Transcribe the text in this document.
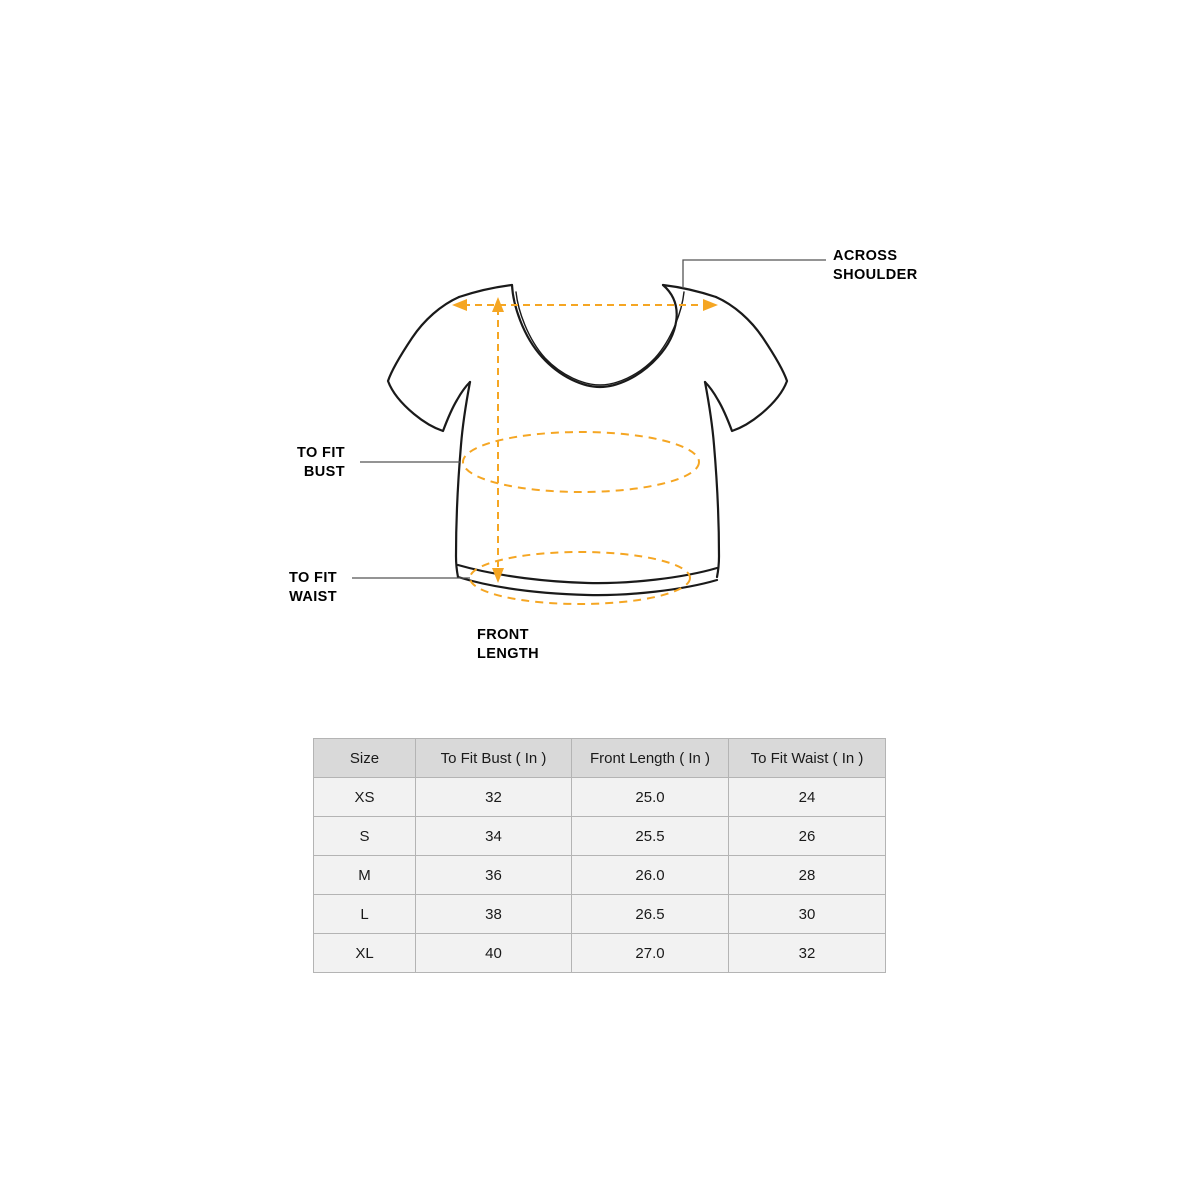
ACROSS
SHOULDER
TO FIT
BUST
TO FIT
WAIST
FRONT
LENGTH
Size	To Fit Bust ( In )	Front Length ( In )	To Fit Waist ( In )
XS	32	25.0	24
S	34	25.5	26
M	36	26.0	28
L	38	26.5	30
XL	40	27.0	32
